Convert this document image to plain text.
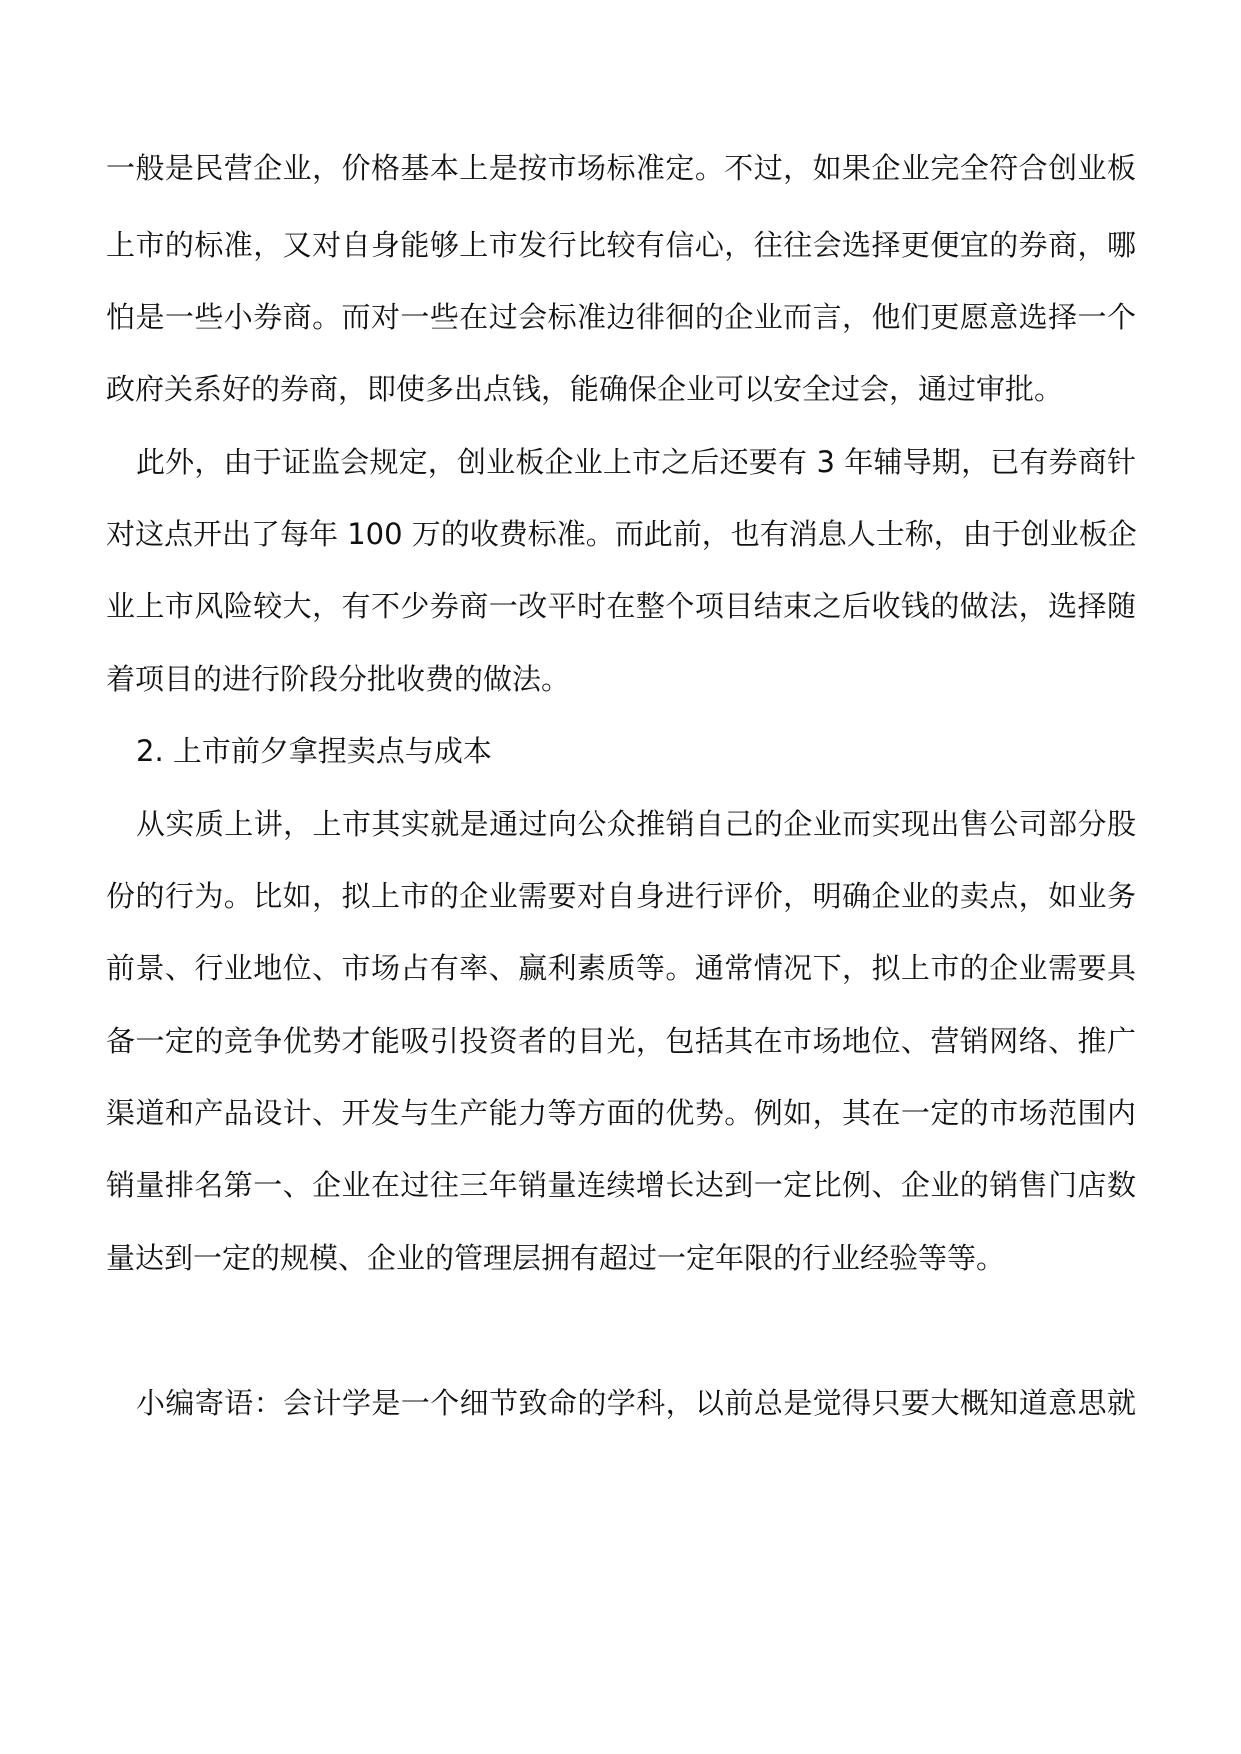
一般是民营企业，价格基本上是按市场标准定。不过，如果企业完全符合创业板

上市的标准，又对自身能够上市发行比较有信心，往往会选择更便宜的券商，哪

怕是一些小券商。而对一些在过会标准边徘徊的企业而言，他们更愿意选择一个

政府关系好的券商，即使多出点钱，能确保企业可以安全过会，通过审批。

此外，由于证监会规定，创业板企业上市之后还要有 3 年辅导期，已有券商针

对这点开出了每年 100 万的收费标准。而此前，也有消息人士称，由于创业板企

业上市风险较大，有不少券商一改平时在整个项目结束之后收钱的做法，选择随

着项目的进行阶段分批收费的做法。

2. 上市前夕拿捏卖点与成本

从实质上讲，上市其实就是通过向公众推销自己的企业而实现出售公司部分股

份的行为。比如，拟上市的企业需要对自身进行评价，明确企业的卖点，如业务

前景、行业地位、市场占有率、赢利素质等。通常情况下，拟上市的企业需要具

备一定的竞争优势才能吸引投资者的目光，包括其在市场地位、营销网络、推广

渠道和产品设计、开发与生产能力等方面的优势。例如，其在一定的市场范围内

销量排名第一、企业在过往三年销量连续增长达到一定比例、企业的销售门店数

量达到一定的规模、企业的管理层拥有超过一定年限的行业经验等等。

小编寄语：会计学是一个细节致命的学科，以前总是觉得只要大概知道意思就
